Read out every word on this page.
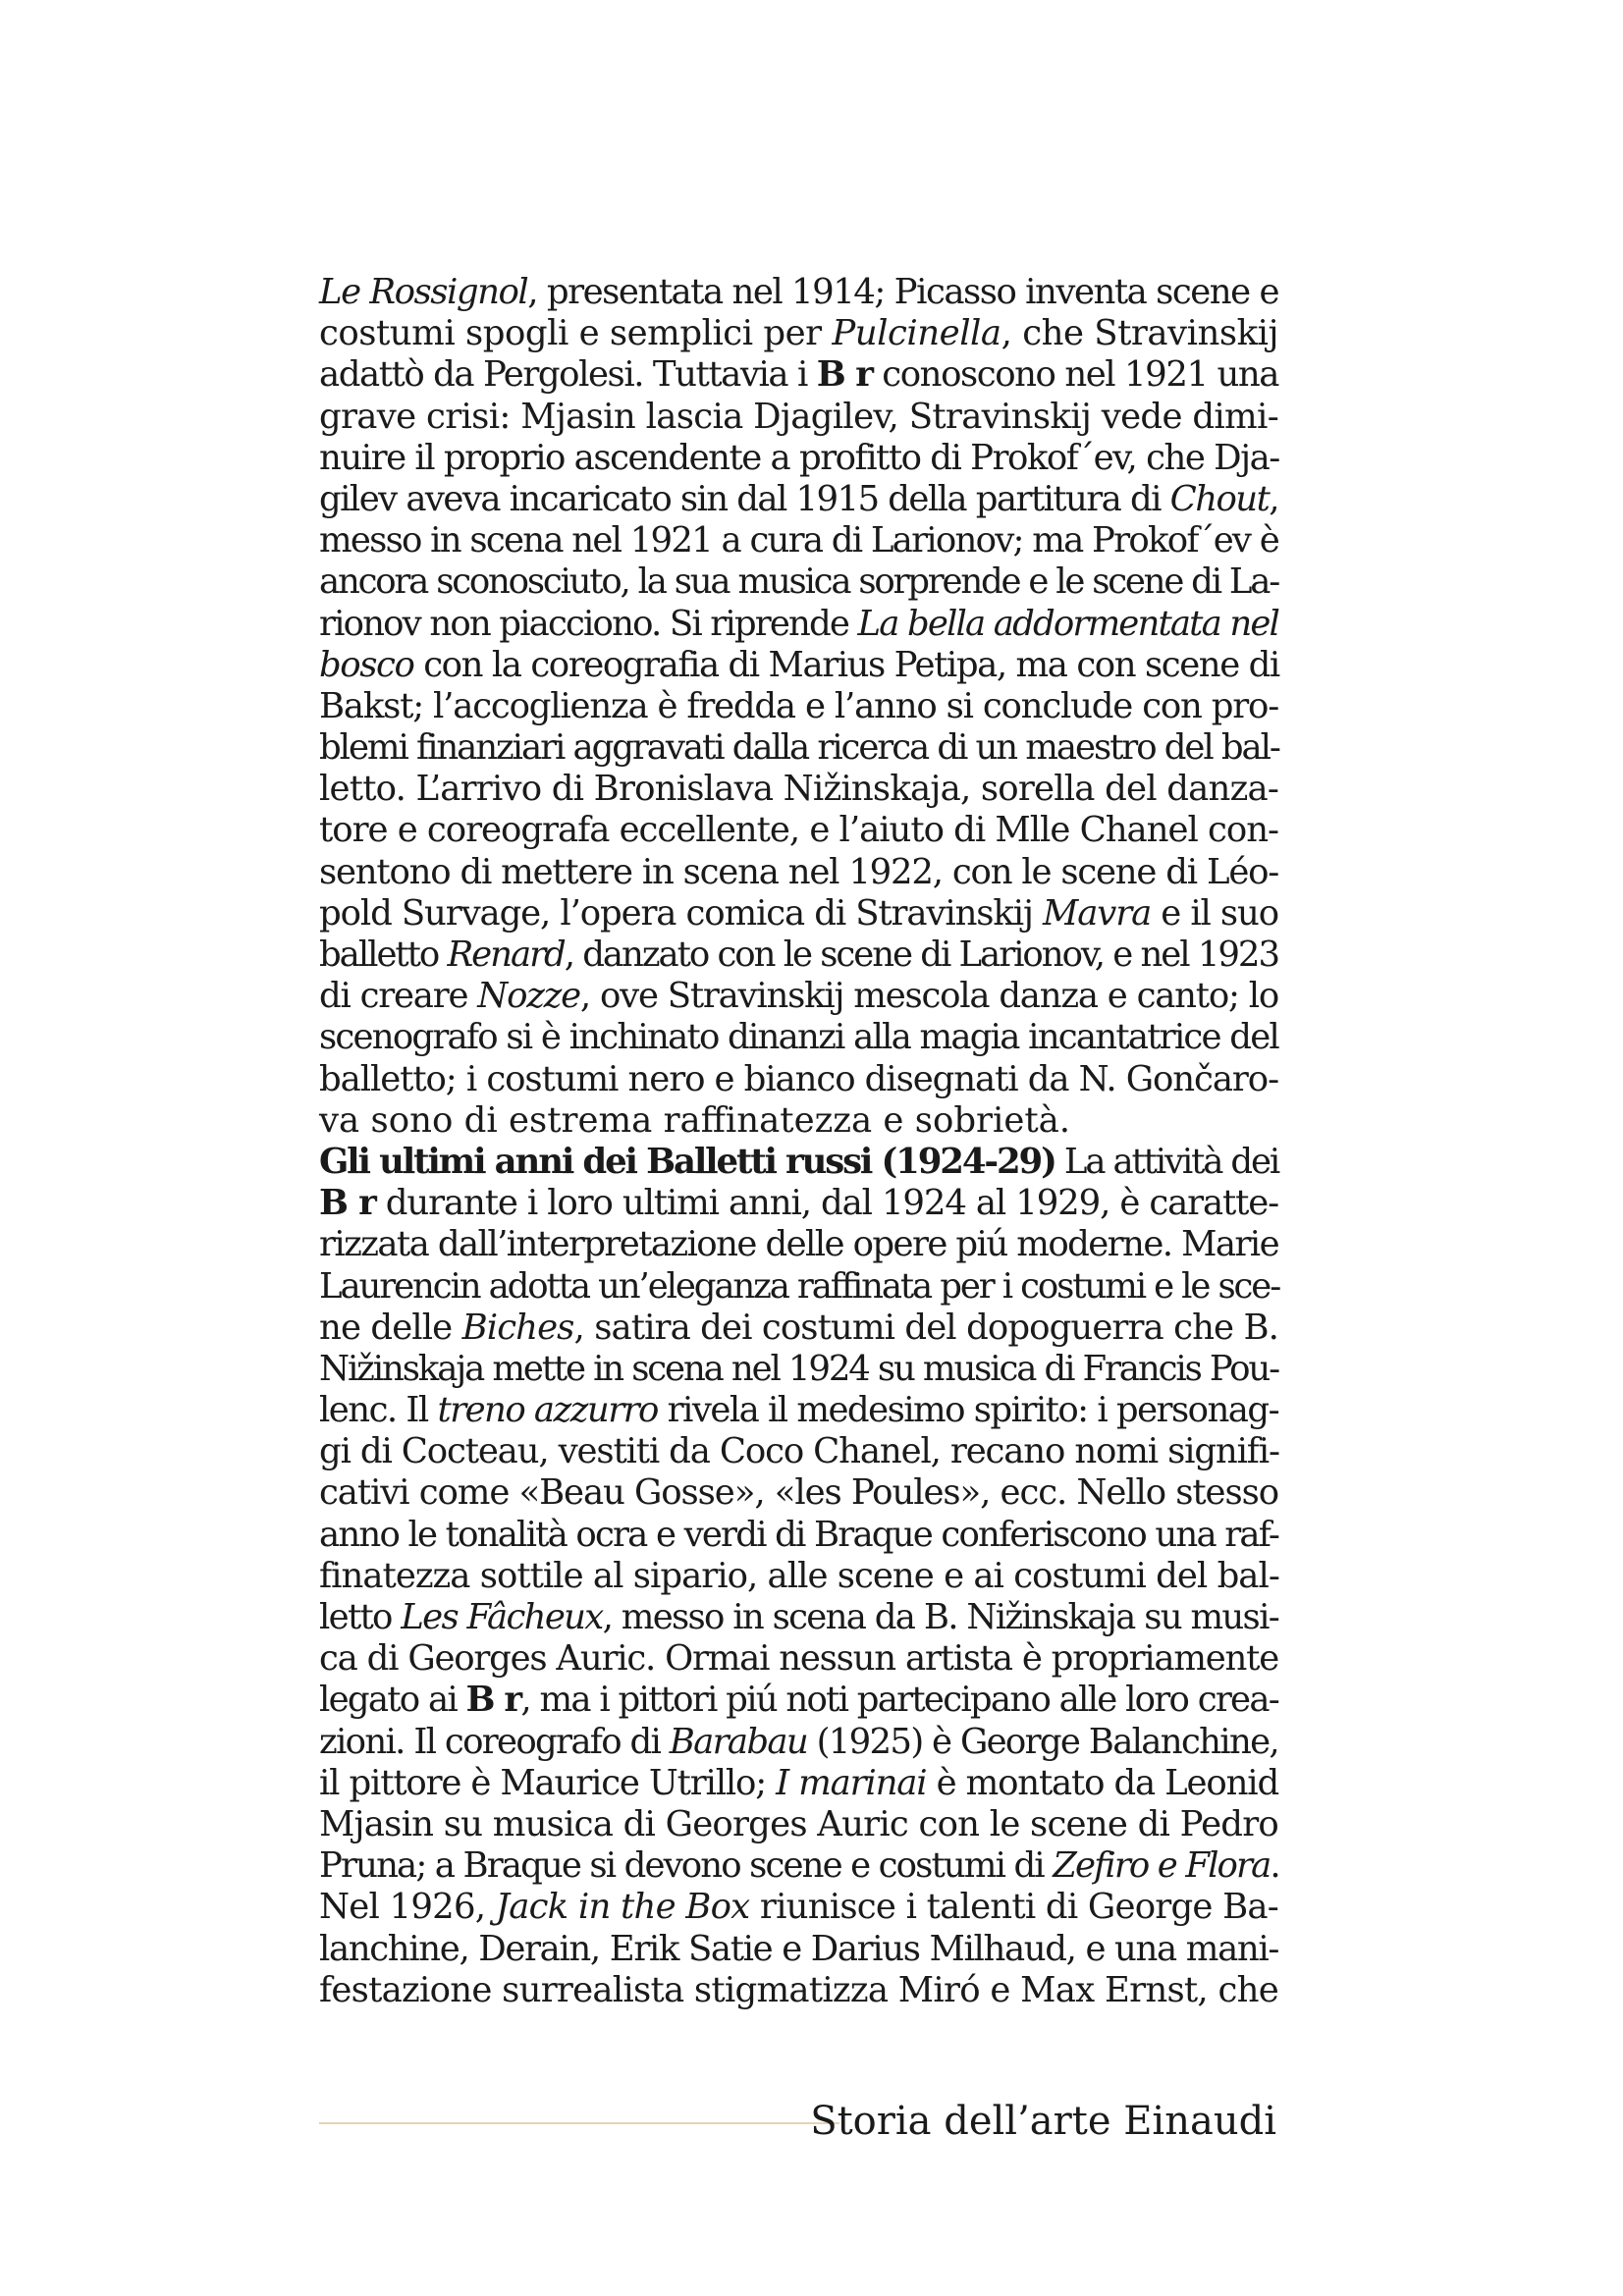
Le Rossignol, presentata nel 1914; Picasso inventa scene e
costumi spogli e semplici per Pulcinella, che Stravinskij
adattò da Pergolesi. Tuttavia i B r conoscono nel 1921 una
grave crisi: Mjasin lascia Djagilev, Stravinskij vede dimi-
nuire il proprio ascendente a profitto di Prokof´ev, che Dja-
gilev aveva incaricato sin dal 1915 della partitura di Chout,
messo in scena nel 1921 a cura di Larionov; ma Prokof´ev è
ancora sconosciuto, la sua musica sorprende e le scene di La-
rionov non piacciono. Si riprende La bella addormentata nel
bosco con la coreografia di Marius Petipa, ma con scene di
Bakst; l’accoglienza è fredda e l’anno si conclude con pro-
blemi finanziari aggravati dalla ricerca di un maestro del bal-
letto. L’arrivo di Bronislava Nižinskaja, sorella del danza-
tore e coreografa eccellente, e l’aiuto di Mlle Chanel con-
sentono di mettere in scena nel 1922, con le scene di Léo-
pold Survage, l’opera comica di Stravinskij Mavra e il suo
balletto Renard, danzato con le scene di Larionov, e nel 1923
di creare Nozze, ove Stravinskij mescola danza e canto; lo
scenografo si è inchinato dinanzi alla magia incantatrice del
balletto; i costumi nero e bianco disegnati da N. Gončaro-
va sono di estrema raffinatezza e sobrietà.
Gli ultimi anni dei Balletti russi (1924-29) La attività dei
B r durante i loro ultimi anni, dal 1924 al 1929, è caratte-
rizzata dall’interpretazione delle opere piú moderne. Marie
Laurencin adotta un’eleganza raffinata per i costumi e le sce-
ne delle Biches, satira dei costumi del dopoguerra che B.
Nižinskaja mette in scena nel 1924 su musica di Francis Pou-
lenc. Il treno azzurro rivela il medesimo spirito: i personag-
gi di Cocteau, vestiti da Coco Chanel, recano nomi signifi-
cativi come «Beau Gosse», «les Poules», ecc. Nello stesso
anno le tonalità ocra e verdi di Braque conferiscono una raf-
finatezza sottile al sipario, alle scene e ai costumi del bal-
letto Les Fâcheux, messo in scena da B. Nižinskaja su musi-
ca di Georges Auric. Ormai nessun artista è propriamente
legato ai B r, ma i pittori piú noti partecipano alle loro crea-
zioni. Il coreografo di Barabau (1925) è George Balanchine,
il pittore è Maurice Utrillo; I marinai è montato da Leonid
Mjasin su musica di Georges Auric con le scene di Pedro
Pruna; a Braque si devono scene e costumi di Zefiro e Flora.
Nel 1926, Jack in the Box riunisce i talenti di George Ba-
lanchine, Derain, Erik Satie e Darius Milhaud, e una mani-
festazione surrealista stigmatizza Miró e Max Ernst, che
Storia dell’arte Einaudi
